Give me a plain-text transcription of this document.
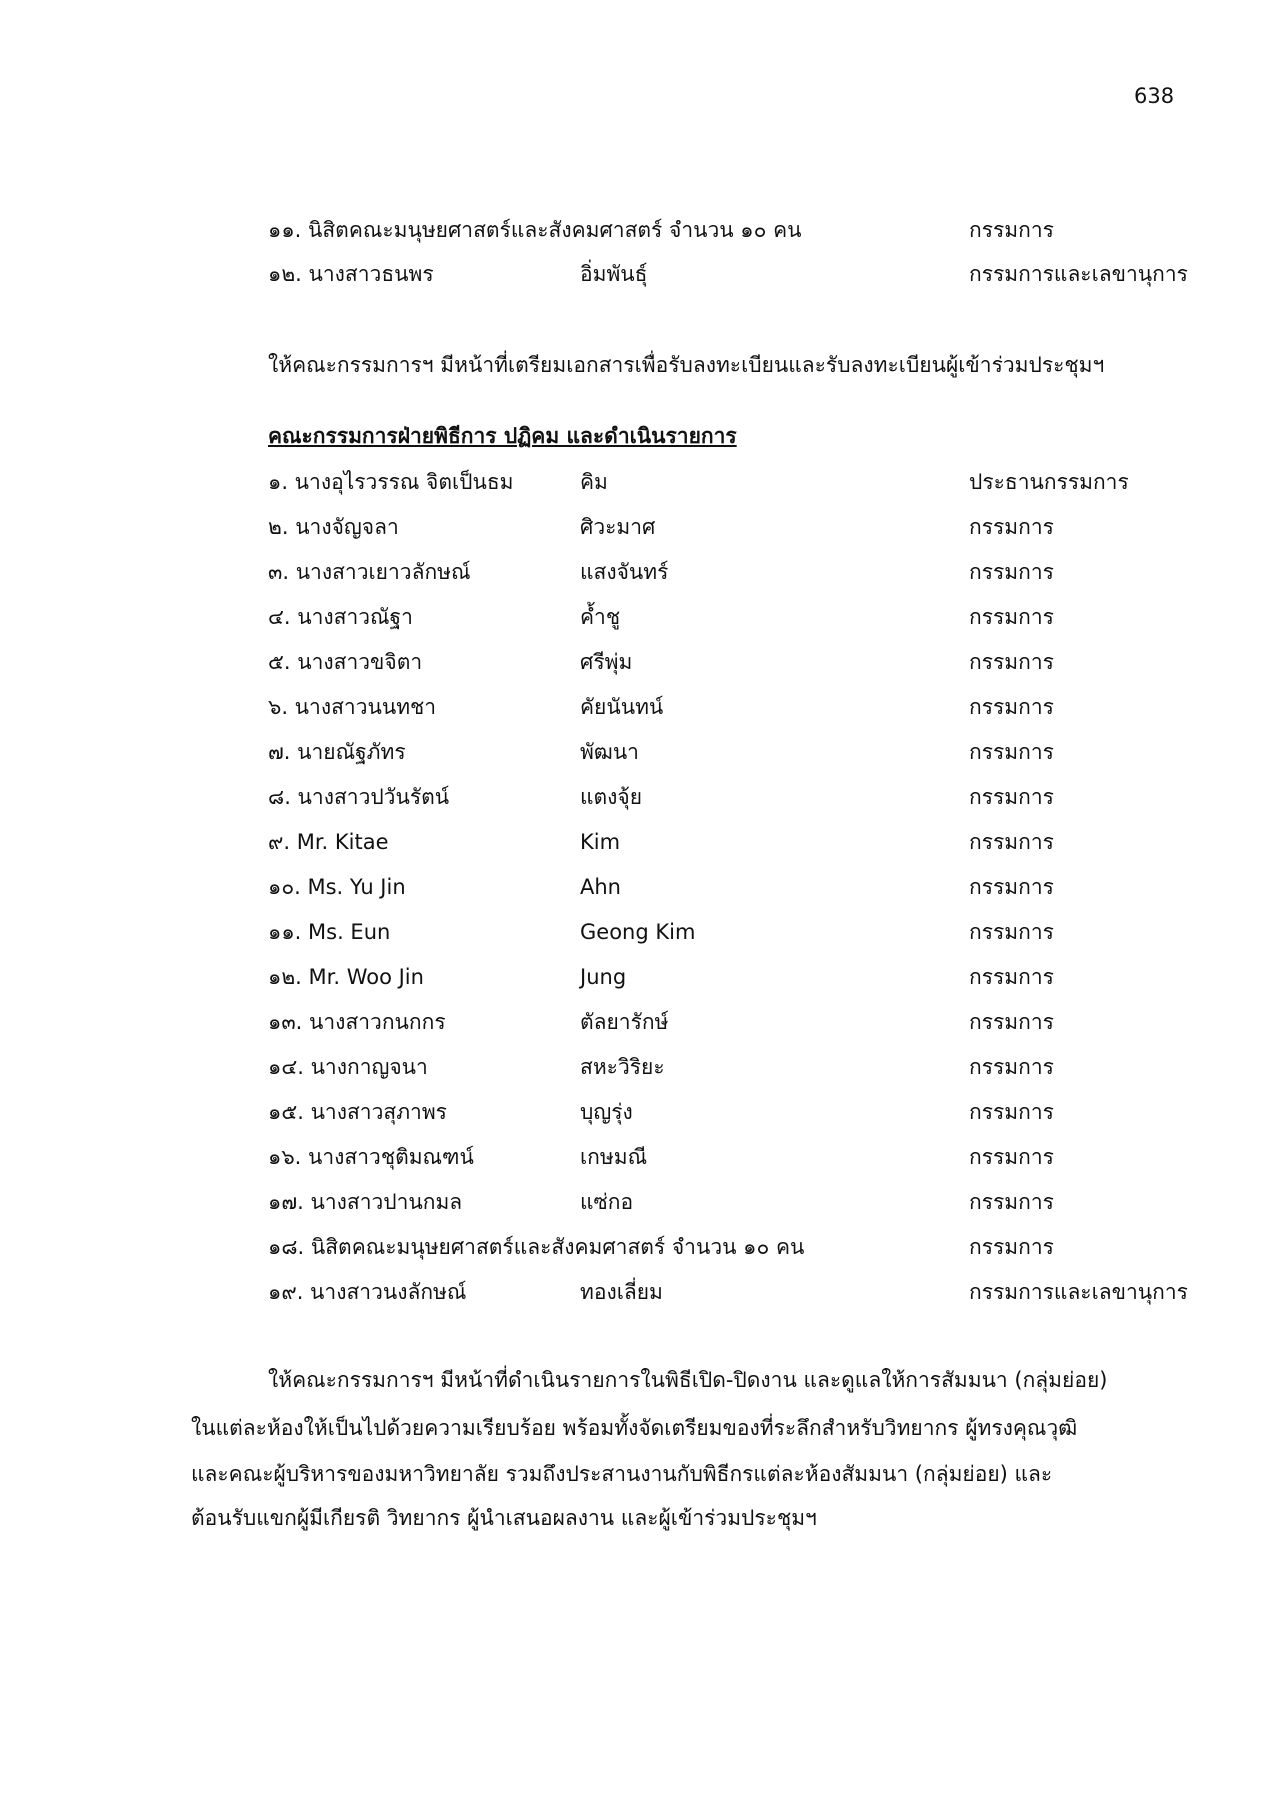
638
๑๑. นิสิตคณะมนุษยศาสตร์และสังคมศาสตร์ จำนวน ๑๐ คน	กรรมการ
๑๒. นางสาวธนพร	อิ่มพันธุ์	กรรมการและเลขานุการ
ให้คณะกรรมการฯ มีหน้าที่เตรียมเอกสารเพื่อรับลงทะเบียนและรับลงทะเบียนผู้เข้าร่วมประชุมฯ
คณะกรรมการฝ่ายพิธีการ ปฏิคม และดำเนินรายการ
๑. นางอุไรวรรณ จิตเป็นธม	คิม	ประธานกรรมการ
๒. นางจัญจลา	ศิวะมาศ	กรรมการ
๓. นางสาวเยาวลักษณ์	แสงจันทร์	กรรมการ
๔. นางสาวณัฐา	ค้ำชู	กรรมการ
๕. นางสาวขจิตา	ศรีพุ่ม	กรรมการ
๖. นางสาวนนทชา	คัยนันทน์	กรรมการ
๗. นายณัฐภัทร	พัฒนา	กรรมการ
๘. นางสาวปวันรัตน์	แตงจุ้ย	กรรมการ
๙. Mr. Kitae	Kim	กรรมการ
๑๐. Ms. Yu Jin	Ahn	กรรมการ
๑๑. Ms. Eun	Geong Kim	กรรมการ
๑๒. Mr. Woo Jin	Jung	กรรมการ
๑๓. นางสาวกนกกร	ตัลยารักษ์	กรรมการ
๑๔. นางกาญจนา	สหะวิริยะ	กรรมการ
๑๕. นางสาวสุภาพร	บุญรุ่ง	กรรมการ
๑๖. นางสาวชุติมณฑน์	เกษมณี	กรรมการ
๑๗. นางสาวปานกมล	แซ่กอ	กรรมการ
๑๘. นิสิตคณะมนุษยศาสตร์และสังคมศาสตร์ จำนวน ๑๐ คน	กรรมการ
๑๙. นางสาวนงลักษณ์	ทองเลี่ยม	กรรมการและเลขานุการ
ให้คณะกรรมการฯ มีหน้าที่ดำเนินรายการในพิธีเปิด-ปิดงาน และดูแลให้การสัมมนา (กลุ่มย่อย)
ในแต่ละห้องให้เป็นไปด้วยความเรียบร้อย พร้อมทั้งจัดเตรียมของที่ระลึกสำหรับวิทยากร ผู้ทรงคุณวุฒิ
และคณะผู้บริหารของมหาวิทยาลัย รวมถึงประสานงานกับพิธีกรแต่ละห้องสัมมนา (กลุ่มย่อย) และ
ต้อนรับแขกผู้มีเกียรติ วิทยากร ผู้นำเสนอผลงาน และผู้เข้าร่วมประชุมฯ
